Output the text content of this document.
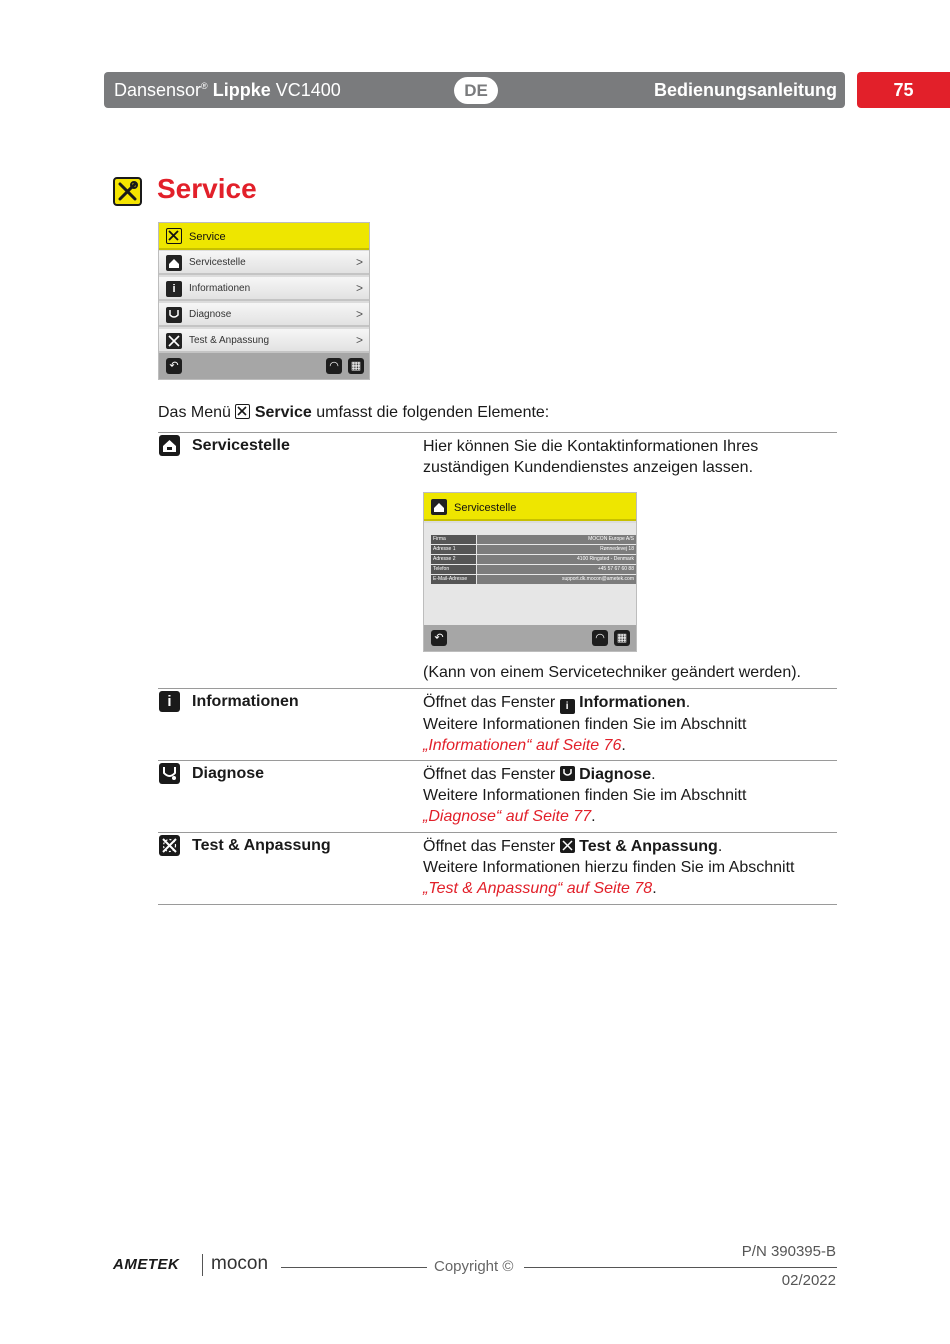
Dansensor® Lippke VC1400	DE	Bedienungsanleitung	75
Service
Service
Servicestelle	>
i	Informationen	>
Diagnose	>
Test & Anpassung	>
↶	◠ ▦
Das Menü Service umfasst die folgenden Elemente:
Servicestelle	Hier können Sie die Kontaktinformationen Ihres
zuständigen Kundendienstes anzeigen lassen.
Servicestelle
Firma	MOCON Europe A/S
Adresse 1	Rønnedevej 18
Adresse 2	4100 Ringsted - Denmark
Telefon	+45 57 67 60 88
E-Mail-Adresse	support.dk.mocon@ametek.com
↶	◠ ▦
(Kann von einem Servicetechniker geändert werden).
i	Informationen	Öffnet das Fenster i Informationen.
Weitere Informationen finden Sie im Abschnitt
„Informationen“ auf Seite 76.
Diagnose	Öffnet das Fenster Diagnose.
Weitere Informationen finden Sie im Abschnitt
„Diagnose“ auf Seite 77.
Test & Anpassung	Öffnet das Fenster Test & Anpassung.
Weitere Informationen hierzu finden Sie im Abschnitt
„Test & Anpassung“ auf Seite 78.
AMETEK mocon	Copyright ©
P/N 390395-B
02/2022
